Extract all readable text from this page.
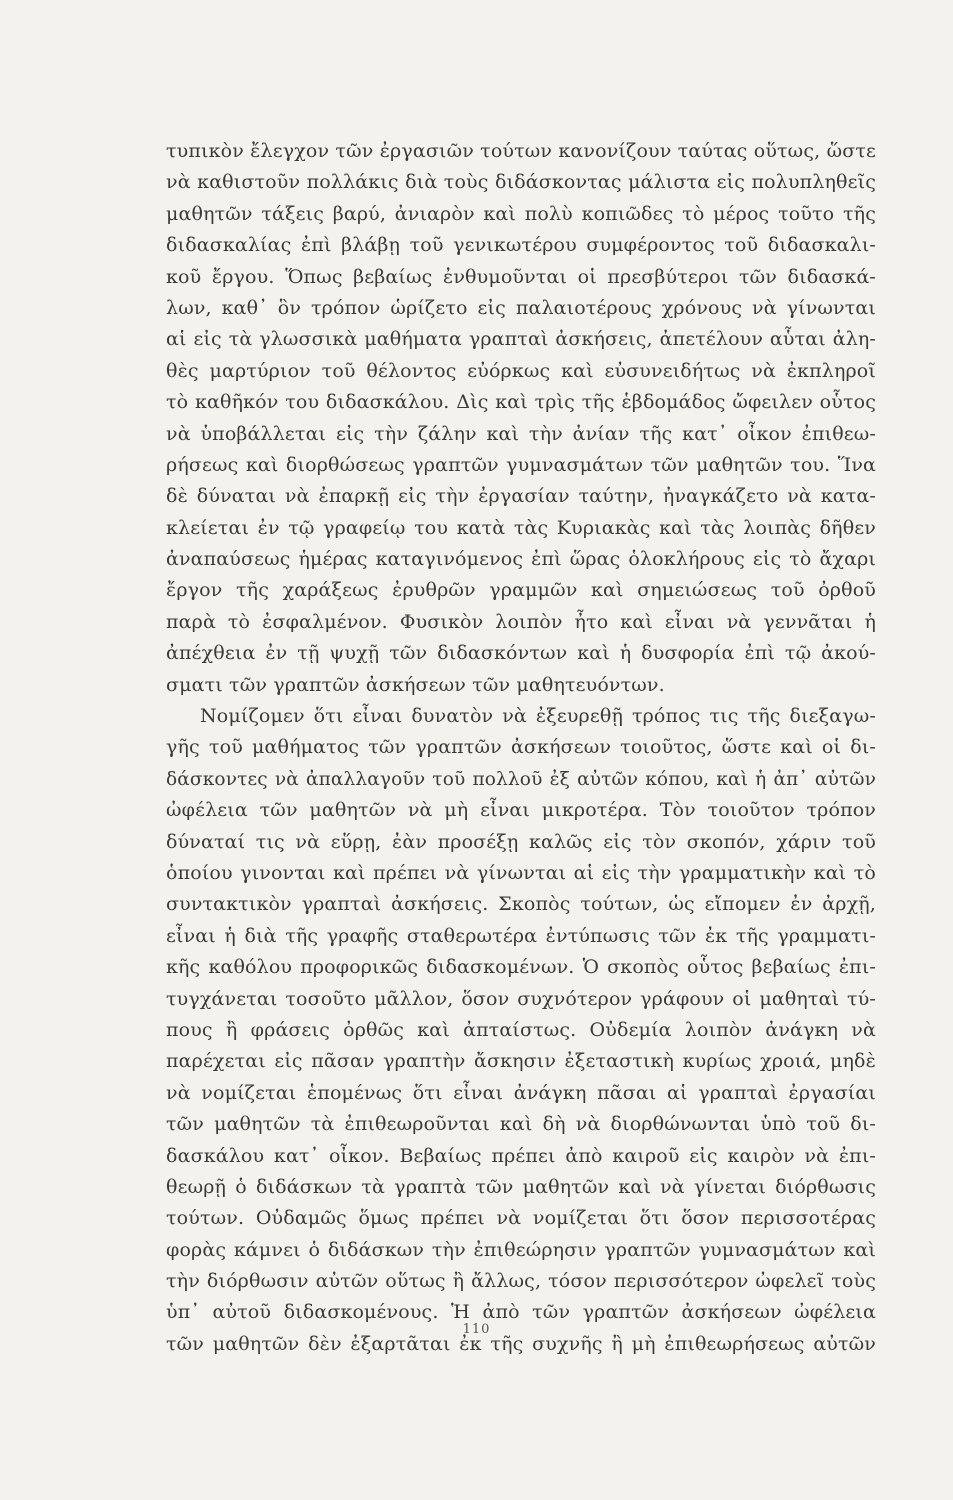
τυπικὸν ἔλεγχον τῶν ἐργασιῶν τούτων κανονίζουν ταύτας οὕτως, ὥστε
νὰ καθιστοῦν πολλάκις διὰ τοὺς διδάσκοντας μάλιστα εἰς πολυπληθεῖς
μαθητῶν τάξεις βαρύ, ἀνιαρὸν καὶ πολὺ κοπιῶδες τὸ μέρος τοῦτο τῆς
διδασκαλίας ἐπὶ βλάβῃ τοῦ γενικωτέρου συμφέροντος τοῦ διδασκαλι-
κοῦ ἔργου. Ὅπως βεβαίως ἐνθυμοῦνται οἱ πρεσβύτεροι τῶν διδασκά-
λων, καθ᾿ ὃν τρόπον ὡρίζετο εἰς παλαιοτέρους χρόνους νὰ γίνωνται
αἱ εἰς τὰ γλωσσικὰ μαθήματα γραπταὶ ἀσκήσεις, ἀπετέλουν αὗται ἀλη-
θὲς μαρτύριον τοῦ θέλοντος εὐόρκως καὶ εὐσυνειδήτως νὰ ἐκπληροῖ
τὸ καθῆκόν του διδασκάλου. Δὶς καὶ τρὶς τῆς ἑβδομάδος ὤφειλεν οὗτος
νὰ ὑποβάλλεται εἰς τὴν ζάλην καὶ τὴν ἀνίαν τῆς κατ᾿ οἶκον ἐπιθεω-
ρήσεως καὶ διορθώσεως γραπτῶν γυμνασμάτων τῶν μαθητῶν του. Ἵνα
δὲ δύναται νὰ ἐπαρκῇ εἰς τὴν ἐργασίαν ταύτην, ἠναγκάζετο νὰ κατα-
κλείεται ἐν τῷ γραφείῳ του κατὰ τὰς Κυριακὰς καὶ τὰς λοιπὰς δῆθεν
ἀναπαύσεως ἡμέρας καταγινόμενος ἐπὶ ὥρας ὁλοκλήρους εἰς τὸ ἄχαρι
ἔργον τῆς χαράξεως ἐρυθρῶν γραμμῶν καὶ σημειώσεως τοῦ ὀρθοῦ
παρὰ τὸ ἐσφαλμένον. Φυσικὸν λοιπὸν ἦτο καὶ εἶναι νὰ γεννᾶται ἡ
ἀπέχθεια ἐν τῇ ψυχῇ τῶν διδασκόντων καὶ ἡ δυσφορία ἐπὶ τῷ ἀκού-
σματι τῶν γραπτῶν ἀσκήσεων τῶν μαθητευόντων.
Νομίζομεν ὅτι εἶναι δυνατὸν νὰ ἐξευρεθῇ τρόπος τις τῆς διεξαγω-
γῆς τοῦ μαθήματος τῶν γραπτῶν ἀσκήσεων τοιοῦτος, ὥστε καὶ οἱ δι-
δάσκοντες νὰ ἀπαλλαγοῦν τοῦ πολλοῦ ἐξ αὐτῶν κόπου, καὶ ἡ ἀπ᾿ αὐτῶν
ὠφέλεια τῶν μαθητῶν νὰ μὴ εἶναι μικροτέρα. Τὸν τοιοῦτον τρόπον
δύναταί τις νὰ εὕρῃ, ἐὰν προσέξῃ καλῶς εἰς τὸν σκοπόν, χάριν τοῦ
ὁποίου γινονται καὶ πρέπει νὰ γίνωνται αἱ εἰς τὴν γραμματικὴν καὶ τὸ
συντακτικὸν γραπταὶ ἀσκήσεις. Σκοπὸς τούτων, ὡς εἴπομεν ἐν ἀρχῇ,
εἶναι ἡ διὰ τῆς γραφῆς σταθερωτέρα ἐντύπωσις τῶν ἐκ τῆς γραμματι-
κῆς καθόλου προφορικῶς διδασκομένων. Ὁ σκοπὸς οὗτος βεβαίως ἐπι-
τυγχάνεται τοσοῦτο μᾶλλον, ὅσον συχνότερον γράφουν οἱ μαθηταὶ τύ-
πους ἢ φράσεις ὀρθῶς καὶ ἀπταίστως. Οὐδεμία λοιπὸν ἀνάγκη νὰ
παρέχεται εἰς πᾶσαν γραπτὴν ἄσκησιν ἐξεταστικὴ κυρίως χροιά, μηδὲ
νὰ νομίζεται ἑπομένως ὅτι εἶναι ἀνάγκη πᾶσαι αἱ γραπταὶ ἐργασίαι
τῶν μαθητῶν τὰ ἐπιθεωροῦνται καὶ δὴ νὰ διορθώνωνται ὑπὸ τοῦ δι-
δασκάλου κατ᾿ οἶκον. Βεβαίως πρέπει ἀπὸ καιροῦ εἰς καιρὸν νὰ ἐπι-
θεωρῇ ὁ διδάσκων τὰ γραπτὰ τῶν μαθητῶν καὶ νὰ γίνεται διόρθωσις
τούτων. Οὐδαμῶς ὅμως πρέπει νὰ νομίζεται ὅτι ὅσον περισσοτέρας
φορὰς κάμνει ὁ διδάσκων τὴν ἐπιθεώρησιν γραπτῶν γυμνασμάτων καὶ
τὴν διόρθωσιν αὐτῶν οὕτως ἢ ἄλλως, τόσον περισσότερον ὠφελεῖ τοὺς
ὑπ᾿ αὐτοῦ διδασκομένους. Ἡ ἀπὸ τῶν γραπτῶν ἀσκήσεων ὠφέλεια
τῶν μαθητῶν δὲν ἐξαρτᾶται ἐκ τῆς συχνῆς ἢ μὴ ἐπιθεωρήσεως αὐτῶν
110
